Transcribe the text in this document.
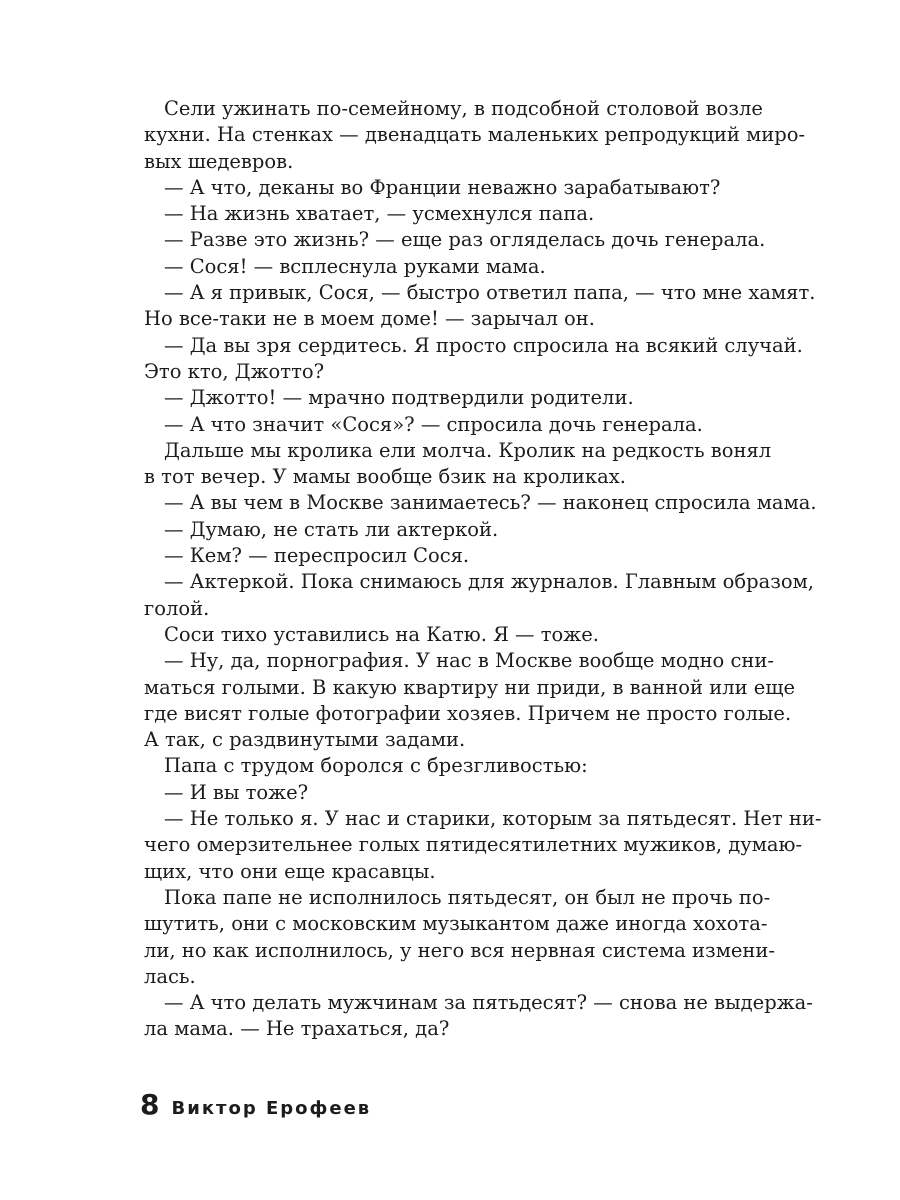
Сели ужинать по-семейному, в подсобной столовой возле
кухни. На стенках — двенадцать маленьких репродукций миро-
вых шедевров.
— А что, деканы во Франции неважно зарабатывают?
— На жизнь хватает, — усмехнулся папа.
— Разве это жизнь? — еще раз огляделась дочь генерала.
— Сося! — всплеснула руками мама.
— А я привык, Сося, — быстро ответил папа, — что мне хамят.
Но все-таки не в моем доме! — зарычал он.
— Да вы зря сердитесь. Я просто спросила на всякий случай.
Это кто, Джотто?
— Джотто! — мрачно подтвердили родители.
— А что значит «Сося»? — спросила дочь генерала.
Дальше мы кролика ели молча. Кролик на редкость вонял
в тот вечер. У мамы вообще бзик на кроликах.
— А вы чем в Москве занимаетесь? — наконец спросила мама.
— Думаю, не стать ли актеркой.
— Кем? — переспросил Сося.
— Актеркой. Пока снимаюсь для журналов. Главным образом,
голой.
Соси тихо уставились на Катю. Я — тоже.
— Ну, да, порнография. У нас в Москве вообще модно сни-
маться голыми. В какую квартиру ни приди, в ванной или еще
где висят голые фотографии хозяев. Причем не просто голые.
А так, с раздвинутыми задами.
Папа с трудом боролся с брезгливостью:
— И вы тоже?
— Не только я. У нас и старики, которым за пятьдесят. Нет ни-
чего омерзительнее голых пятидесятилетних мужиков, думаю-
щих, что они еще красавцы.
Пока папе не исполнилось пятьдесят, он был не прочь по-
шутить, они с московским музыкантом даже иногда хохота-
ли, но как исполнилось, у него вся нервная система измени-
лась.
— А что делать мужчинам за пятьдесят? — снова не выдержа-
ла мама. — Не трахаться, да?
8 Виктор Ерофеев
